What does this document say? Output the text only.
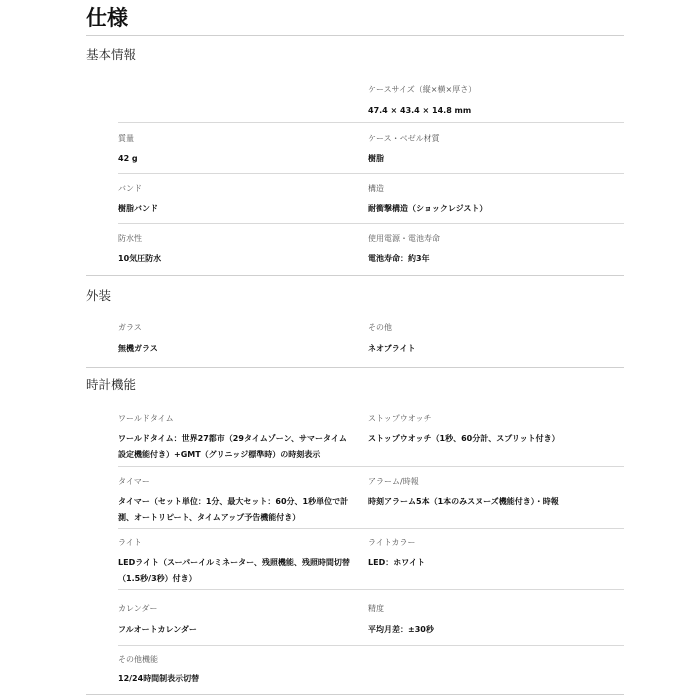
仕様
基本情報
ケースサイズ（縦×横×厚さ）
47.4 × 43.4 × 14.8 mm
質量
42 g
ケース・ベゼル材質
樹脂
バンド
樹脂バンド
構造
耐衝撃構造（ショックレジスト）
防水性
10気圧防水
使用電源・電池寿命
電池寿命：約3年
外装
ガラス
無機ガラス
その他
ネオブライト
時計機能
ワールドタイム
ワールドタイム：世界27都市（29タイムゾーン、サマータイム
設定機能付き）+GMT（グリニッジ標準時）の時刻表示
ストップウオッチ
ストップウオッチ（1秒、60分計、スプリット付き）
タイマー
タイマー（セット単位：1分、最大セット：60分、1秒単位で計
測、オートリピート、タイムアップ予告機能付き）
アラーム/時報
時刻アラーム5本（1本のみスヌーズ機能付き）・時報
ライト
LEDライト（スーパーイルミネーター、残照機能、残照時間切替
（1.5秒/3秒）付き）
ライトカラー
LED：ホワイト
カレンダー
フルオートカレンダー
精度
平均月差：±30秒
その他機能
12/24時間制表示切替
